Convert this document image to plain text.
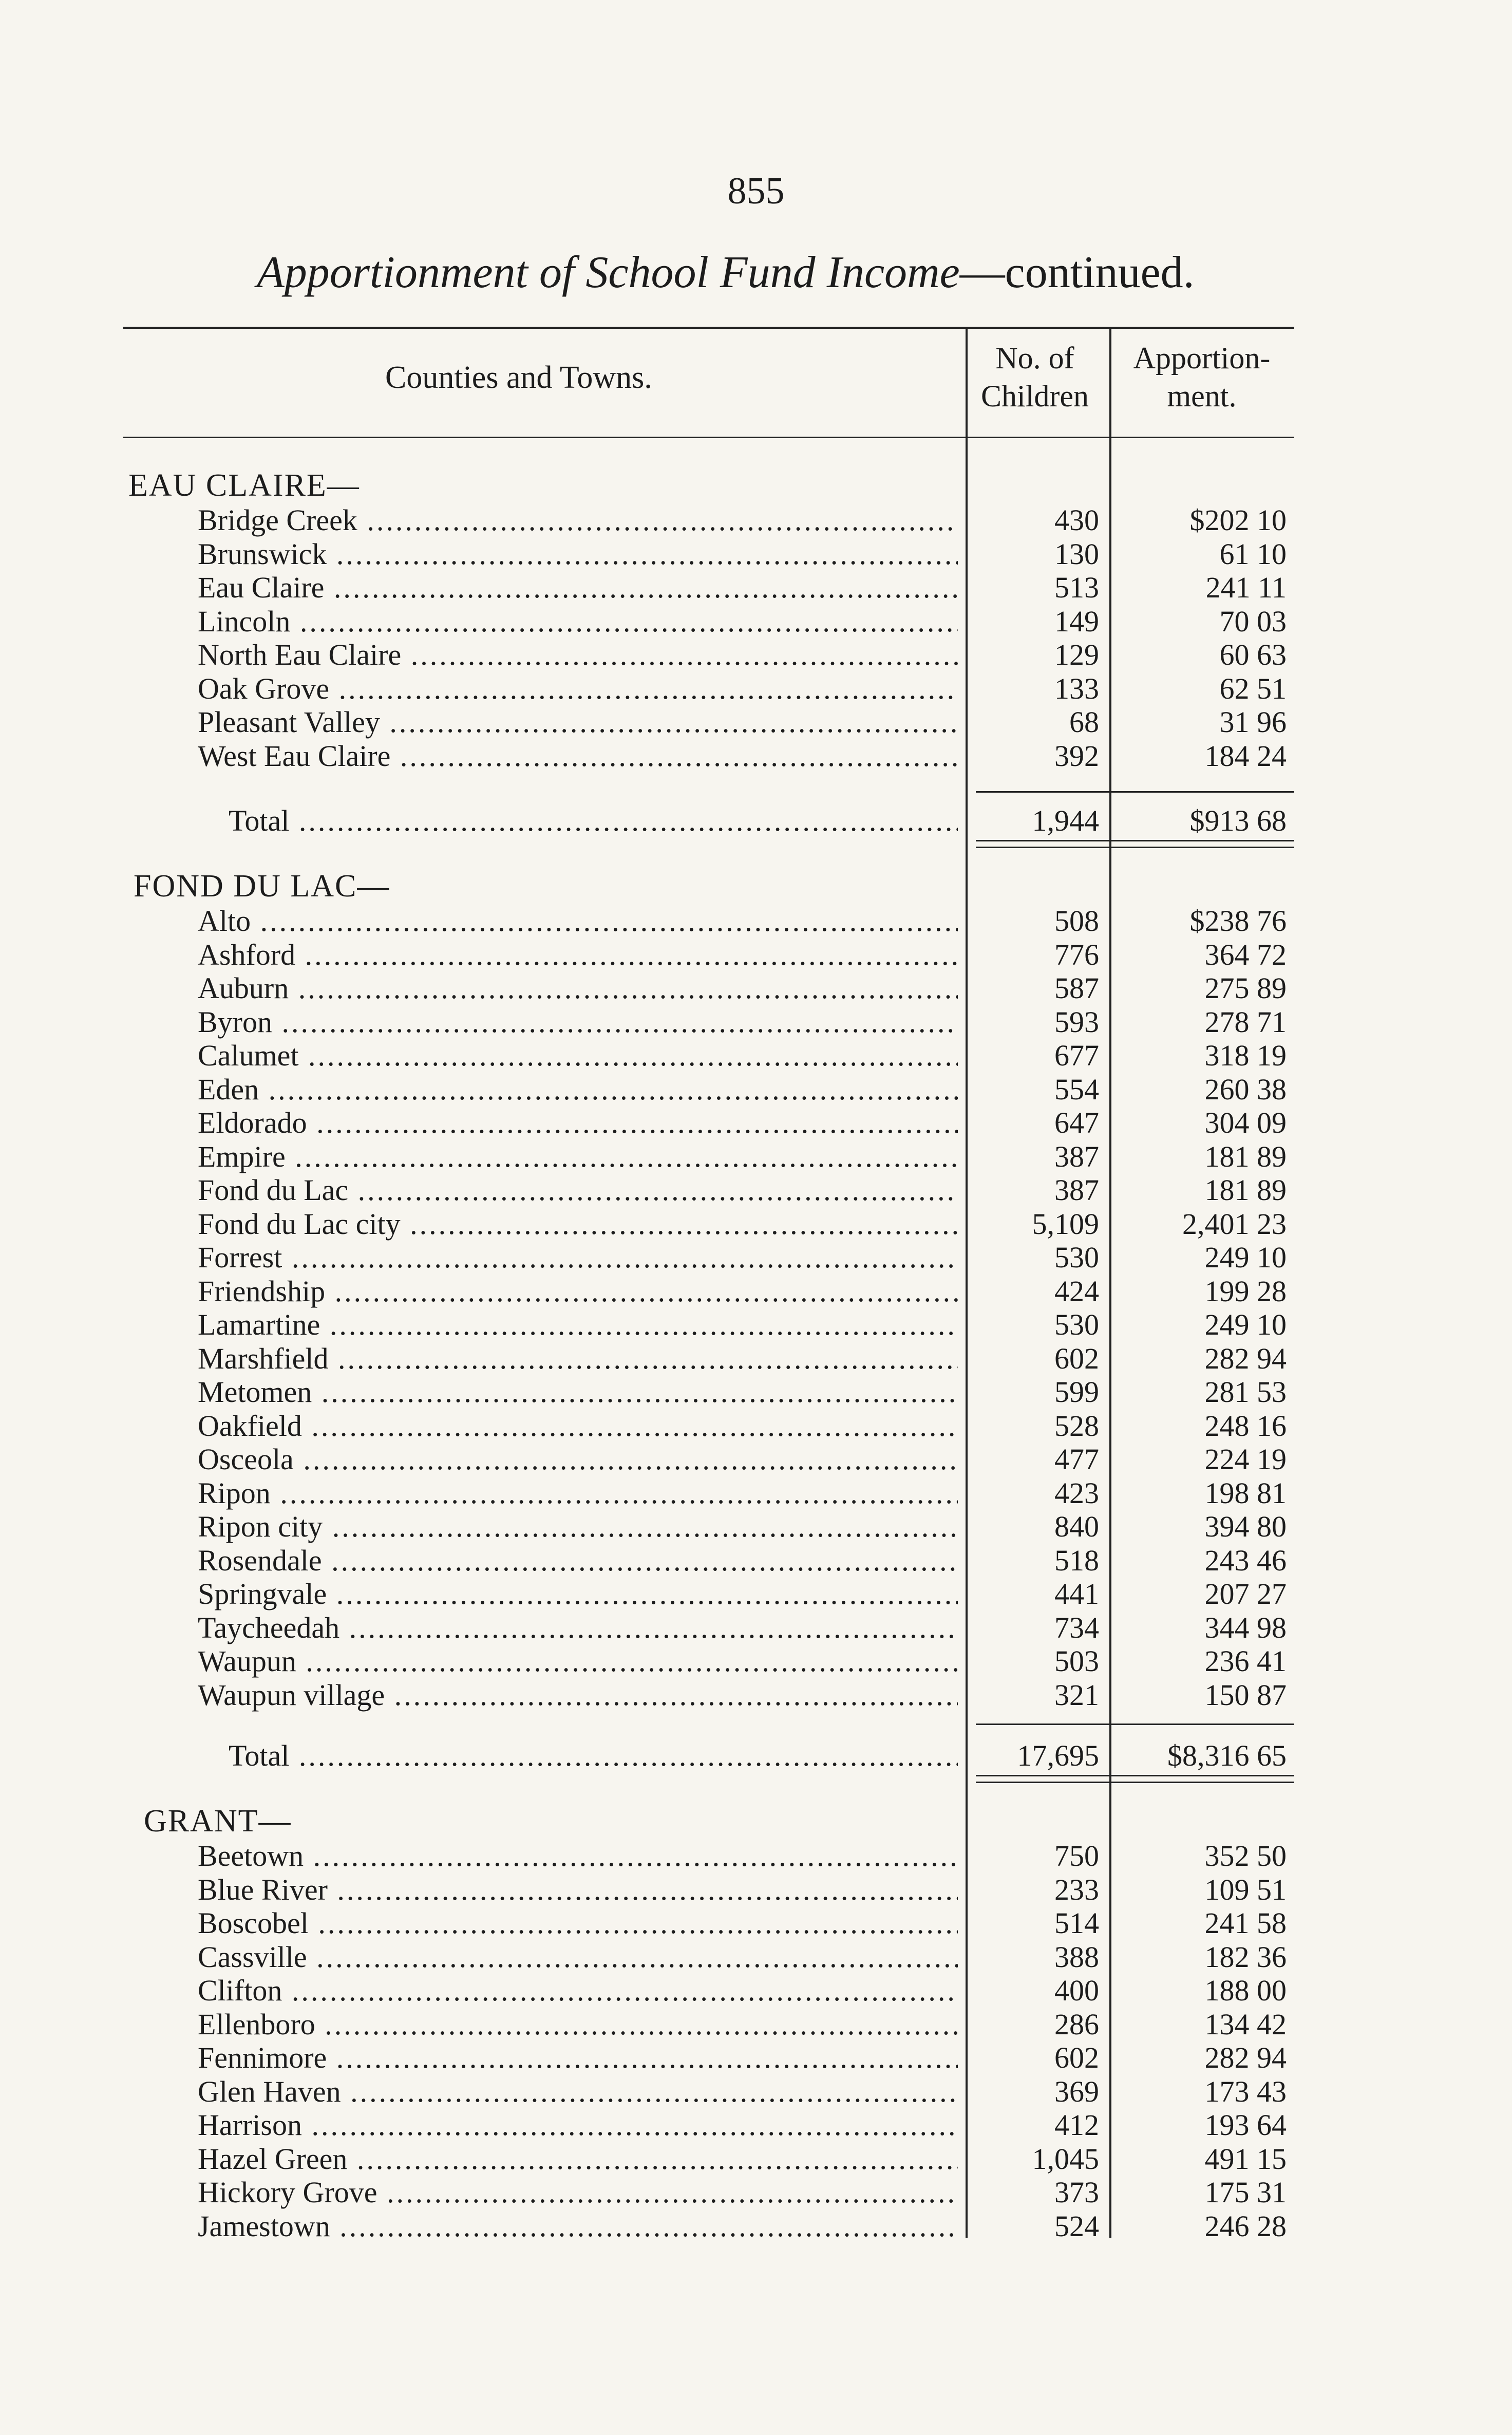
855
Apportionment of School Fund Income—continued.
Counties and Towns.
No. of
Children
Apportion-
ment.
EAU CLAIRE—
Bridge Creek .....	430	$202 10
Brunswick .....	130	61 10
Eau Claire .....	513	241 11
Lincoln .....	149	70 03
North Eau Claire .....	129	60 63
Oak Grove .....	133	62 51
Pleasant Valley .....	68	31 96
West Eau Claire .....	392	184 24
Total .....	1,944	$913 68
FOND DU LAC—
Alto .....	508	$238 76
Ashford .....	776	364 72
Auburn .....	587	275 89
Byron .....	593	278 71
Calumet .....	677	318 19
Eden .....	554	260 38
Eldorado .....	647	304 09
Empire .....	387	181 89
Fond du Lac .....	387	181 89
Fond du Lac city .....	5,109	2,401 23
Forrest .....	530	249 10
Friendship .....	424	199 28
Lamartine .....	530	249 10
Marshfield .....	602	282 94
Metomen .....	599	281 53
Oakfield .....	528	248 16
Osceola .....	477	224 19
Ripon .....	423	198 81
Ripon city .....	840	394 80
Rosendale .....	518	243 46
Springvale .....	441	207 27
Taycheedah .....	734	344 98
Waupun .....	503	236 41
Waupun village .....	321	150 87
Total .....	17,695	$8,316 65
GRANT—
Beetown .....	750	352 50
Blue River .....	233	109 51
Boscobel .....	514	241 58
Cassville .....	388	182 36
Clifton .....	400	188 00
Ellenboro .....	286	134 42
Fennimore .....	602	282 94
Glen Haven .....	369	173 43
Harrison .....	412	193 64
Hazel Green .....	1,045	491 15
Hickory Grove .....	373	175 31
Jamestown .....	524	246 28
